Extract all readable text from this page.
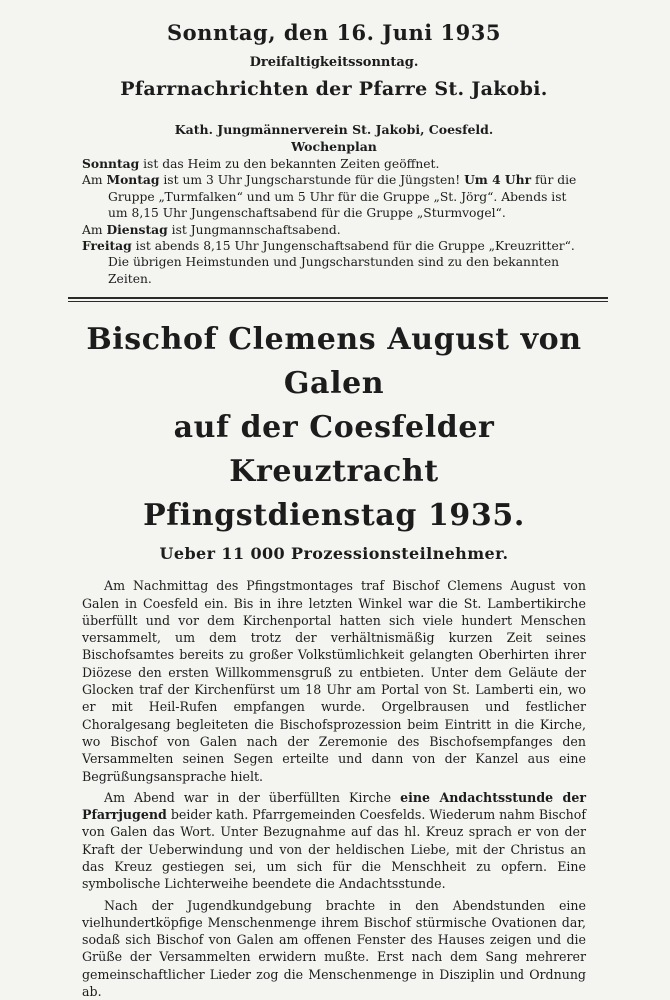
Sonntag, den 16. Juni 1935
Dreifaltigkeitssonntag.
Pfarrnachrichten der Pfarre St. Jakobi.
Kath. Jungmännerverein St. Jakobi, Coesfeld.
Wochenplan

Sonntag ist das Heim zu den bekannten Zeiten geöffnet.

Am Montag ist um 3 Uhr Jungscharstunde für die Jüngsten! Um 4 Uhr für die Gruppe „Turmfalken“ und um 5 Uhr für die Gruppe „St. Jörg“. Abends ist um 8,15 Uhr Jungenschaftsabend für die Gruppe „Sturmvogel“.

Am Dienstag ist Jungmannschaftsabend.

Freitag ist abends 8,15 Uhr Jungenschaftsabend für die Gruppe „Kreuzritter“.

Die übrigen Heimstunden und Jungscharstunden sind zu den bekannten Zeiten.

Bischof Clemens August von Galen
auf der Coesfelder Kreuztracht
Pfingstdienstag 1935.
Ueber 11 000 Prozessionsteilnehmer.

Am Nachmittag des Pfingstmontages traf Bischof Clemens August von Galen in Coesfeld ein. Bis in ihre letzten Winkel war die St. Lambertikirche überfüllt und vor dem Kirchenportal hatten sich viele hundert Menschen versammelt, um dem trotz der verhältnismäßig kurzen Zeit seines Bischofsamtes bereits zu großer Volkstümlichkeit gelangten Oberhirten ihrer Diözese den ersten Willkommensgruß zu entbieten. Unter dem Geläute der Glocken traf der Kirchenfürst um 18 Uhr am Portal von St. Lamberti ein, wo er mit Heil-Rufen empfangen wurde. Orgelbrausen und festlicher Choralgesang begleiteten die Bischofsprozession beim Eintritt in die Kirche, wo Bischof von Galen nach der Zeremonie des Bischofsempfanges den Versammelten seinen Segen erteilte und dann von der Kanzel aus eine Begrüßungsansprache hielt.

Am Abend war in der überfüllten Kirche eine Andachtsstunde der Pfarrjugend beider kath. Pfarrgemeinden Coesfelds. Wiederum nahm Bischof von Galen das Wort. Unter Bezugnahme auf das hl. Kreuz sprach er von der Kraft der Ueberwindung und von der heldischen Liebe, mit der Christus an das Kreuz gestiegen sei, um sich für die Menschheit zu opfern. Eine symbolische Lichterweihe beendete die Andachtsstunde.

Nach der Jugendkundgebung brachte in den Abendstunden eine vielhundertköpfige Menschenmenge ihrem Bischof stürmische Ovationen dar, sodaß sich Bischof von Galen am offenen Fenster des Hauses zeigen und die Grüße der Versammelten erwidern mußte. Erst nach dem Sang mehrerer gemeinschaftlicher Lieder zog die Menschenmenge in Disziplin und Ordnung ab.
